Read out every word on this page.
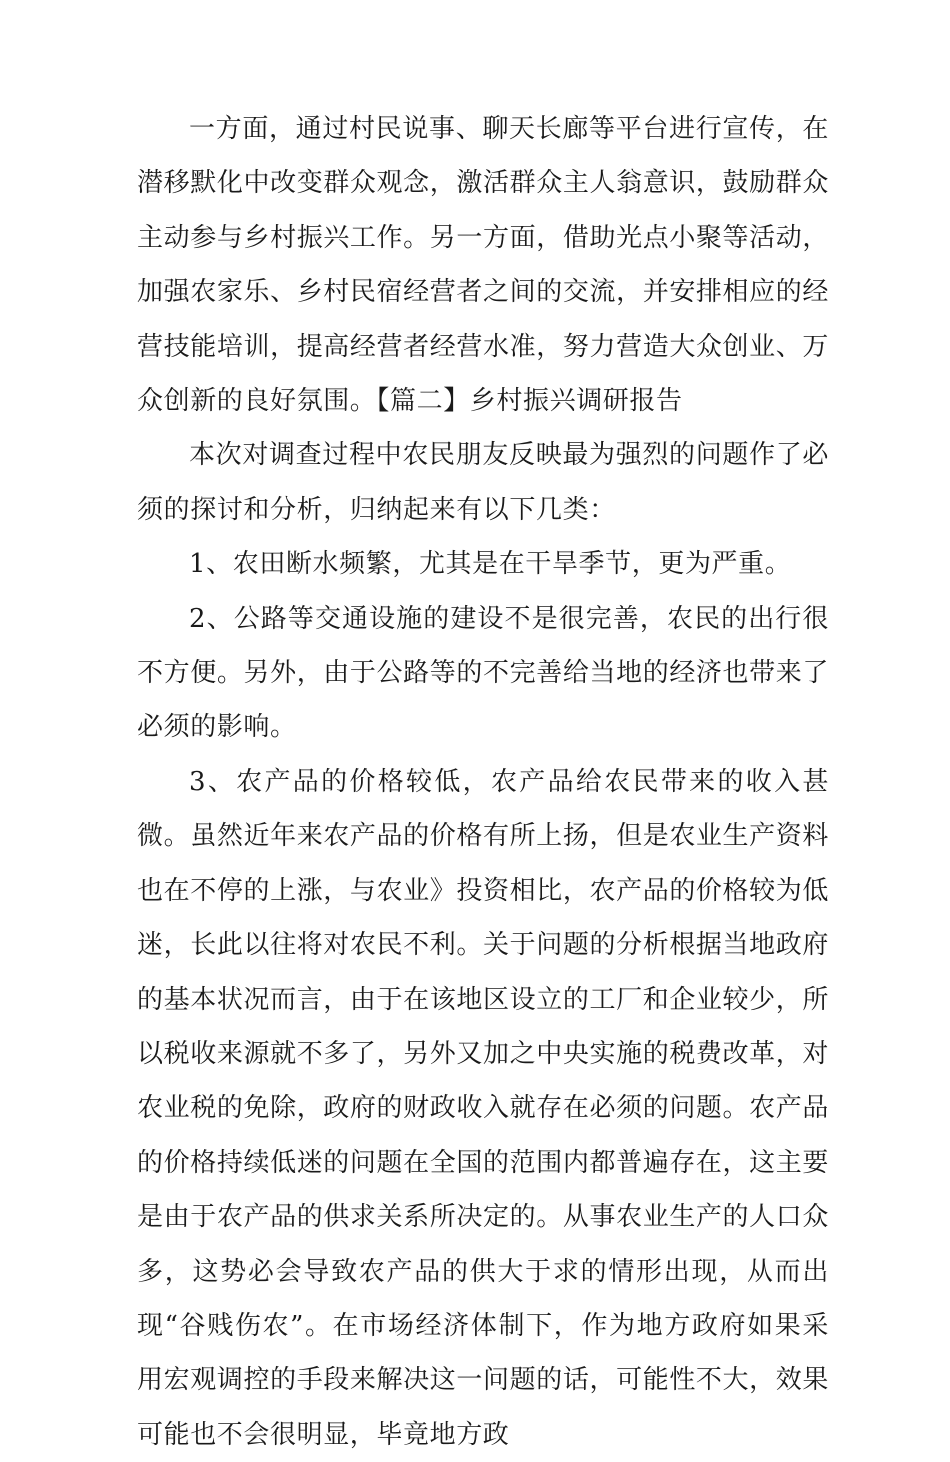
一方面，通过村民说事、聊天长廊等平台进行宣传，在潜移默化中改变群众观念，激活群众主人翁意识，鼓励群众主动参与乡村振兴工作。另一方面，借助光点小聚等活动，加强农家乐、乡村民宿经营者之间的交流，并安排相应的经营技能培训，提高经营者经营水准，努力营造大众创业、万众创新的良好氛围。【篇二】乡村振兴调研报告

本次对调查过程中农民朋友反映最为强烈的问题作了必须的探讨和分析，归纳起来有以下几类：

1、农田断水频繁，尤其是在干旱季节，更为严重。

2、公路等交通设施的建设不是很完善，农民的出行很不方便。另外，由于公路等的不完善给当地的经济也带来了必须的影响。

3、农产品的价格较低，农产品给农民带来的收入甚微。虽然近年来农产品的价格有所上扬，但是农业生产资料也在不停的上涨，与农业》投资相比，农产品的价格较为低迷，长此以往将对农民不利。关于问题的分析根据当地政府的基本状况而言，由于在该地区设立的工厂和企业较少，所以税收来源就不多了，另外又加之中央实施的税费改革，对农业税的免除，政府的财政收入就存在必须的问题。农产品的价格持续低迷的问题在全国的范围内都普遍存在，这主要是由于农产品的供求关系所决定的。从事农业生产的人口众多，这势必会导致农产品的供大于求的情形出现，从而出现“谷贱伤农”。在市场经济体制下，作为地方政府如果采用宏观调控的手段来解决这一问题的话，可能性不大，效果可能也不会很明显，毕竟地方政
